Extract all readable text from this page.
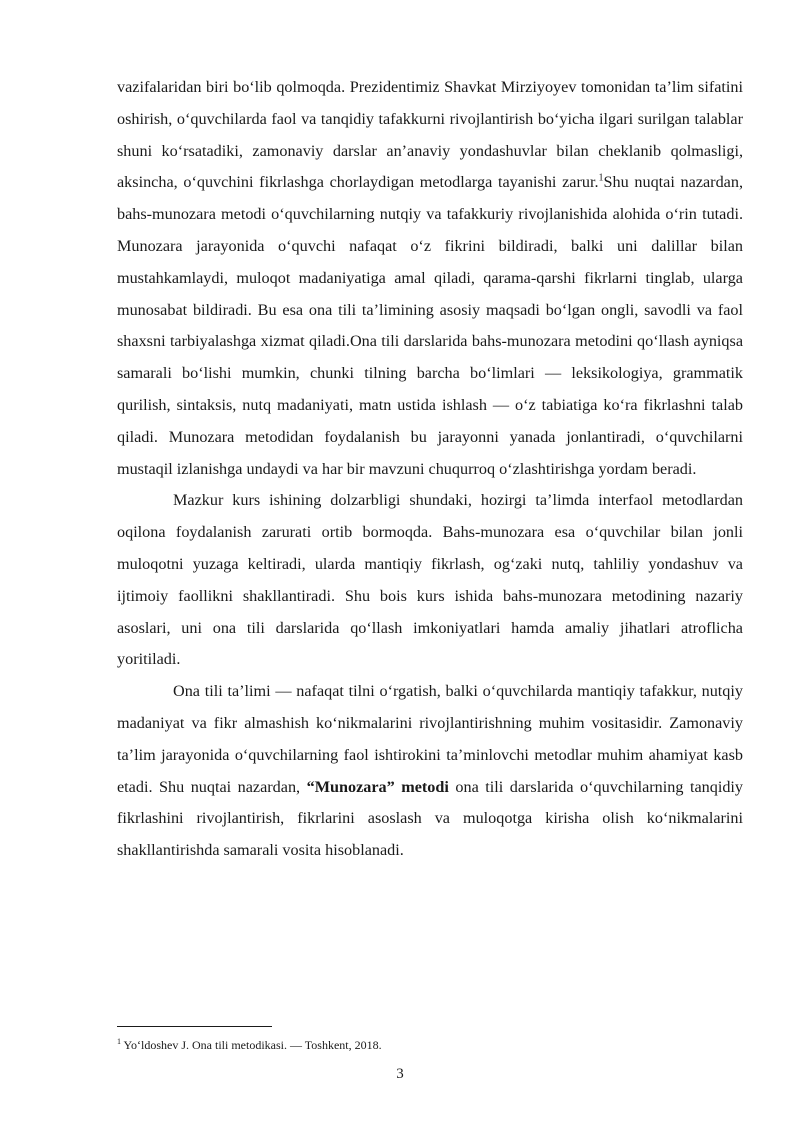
vazifalaridan biri bo‘lib qolmoqda. Prezidentimiz Shavkat Mirziyoyev tomonidan ta’lim sifatini oshirish, o‘quvchilarda faol va tanqidiy tafakkurni rivojlantirish bo‘yicha ilgari surilgan talablar shuni ko‘rsatadiki, zamonaviy darslar an’anaviy yondashuvlar bilan cheklanib qolmasligi, aksincha, o‘quvchini fikrlashga chorlaydigan metodlarga tayanishi zarur.$^1$Shu nuqtai nazardan, bahs-munozara metodi o‘quvchilarning nutqiy va tafakkuriy rivojlanishida alohida o‘rin tutadi. Munozara jarayonida o‘quvchi nafaqat o‘z fikrini bildiradi, balki uni dalillar bilan mustahkamlaydi, muloqot madaniyatiga amal qiladi, qarama-qarshi fikrlarni tinglab, ularga munosabat bildiradi. Bu esa ona tili ta’limining asosiy maqsadi bo‘lgan ongli, savodli va faol shaxsni tarbiyalashga xizmat qiladi.Ona tili darslarida bahs-munozara metodini qo‘llash ayniqsa samarali bo‘lishi mumkin, chunki tilning barcha bo‘limlari — leksikologiya, grammatik qurilish, sintaksis, nutq madaniyati, matn ustida ishlash — o‘z tabiatiga ko‘ra fikrlashni talab qiladi. Munozara metodidan foydalanish bu jarayonni yanada jonlantiradi, o‘quvchilarni mustaqil izlanishga undaydi va har bir mavzuni chuqurroq o‘zlashtirishga yordam beradi.

Mazkur kurs ishining dolzarbligi shundaki, hozirgi ta’limda interfaol metodlardan oqilona foydalanish zarurati ortib bormoqda. Bahs-munozara esa o‘quvchilar bilan jonli muloqotni yuzaga keltiradi, ularda mantiqiy fikrlash, og‘zaki nutq, tahliliy yondashuv va ijtimoiy faollikni shakllantiradi. Shu bois kurs ishida bahs-munozara metodining nazariy asoslari, uni ona tili darslarida qo‘llash imkoniyatlari hamda amaliy jihatlari atroflicha yoritiladi.

Ona tili ta’limi — nafaqat tilni o‘rgatish, balki o‘quvchilarda mantiqiy tafakkur, nutqiy madaniyat va fikr almashish ko‘nikmalarini rivojlantirishning muhim vositasidir. Zamonaviy ta’lim jarayonida o‘quvchilarning faol ishtirokini ta’minlovchi metodlar muhim ahamiyat kasb etadi. Shu nuqtai nazardan, “Munozara” metodi ona tili darslarida o‘quvchilarning tanqidiy fikrlashini rivojlantirish, fikrlarini asoslash va muloqotga kirisha olish ko‘nikmalarini shakllantirishda samarali vosita hisoblanadi.

$^1$ Yo‘ldoshev J. Ona tili metodikasi. — Toshkent, 2018.
3
